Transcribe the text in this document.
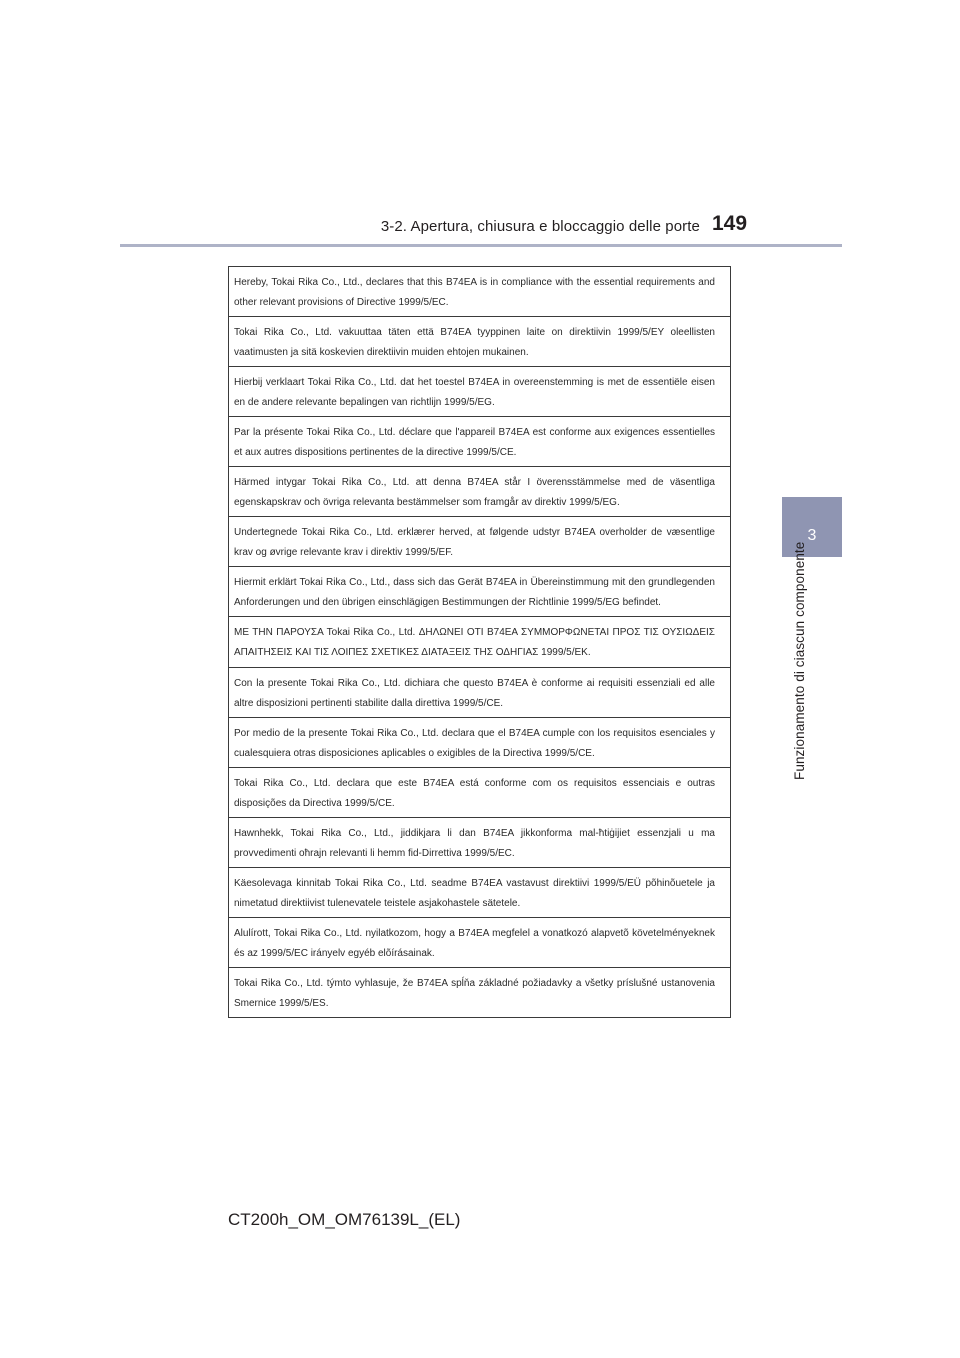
3-2. Apertura, chiusura e bloccaggio delle porte 149
3
Funzionamento di ciascun componente
Hereby, Tokai Rika Co., Ltd., declares that this B74EA is in compliance with the essential requirements and other relevant provisions of Directive 1999/5/EC.
Tokai Rika Co., Ltd. vakuuttaa täten että B74EA tyyppinen laite on direktiivin 1999/5/EY oleellisten vaatimusten ja sitä koskevien direktiivin muiden ehtojen mukainen.
Hierbij verklaart Tokai Rika Co., Ltd. dat het toestel B74EA in overeenstemming is met de essentiële eisen en de andere relevante bepalingen van richtlijn 1999/5/EG.
Par la présente Tokai Rika Co., Ltd. déclare que l'appareil B74EA est conforme aux exigences essentielles et aux autres dispositions pertinentes de la directive 1999/5/CE.
Härmed intygar Tokai Rika Co., Ltd. att denna B74EA står I överensstämmelse med de väsentliga egenskapskrav och övriga relevanta bestämmelser som framgår av direktiv 1999/5/EG.
Undertegnede Tokai Rika Co., Ltd. erklærer herved, at følgende udstyr B74EA overholder de væsentlige krav og øvrige relevante krav i direktiv 1999/5/EF.
Hiermit erklärt Tokai Rika Co., Ltd., dass sich das Gerät B74EA in Übereinstimmung mit den grundlegenden Anforderungen und den übrigen einschlägigen Bestimmungen der Richtlinie 1999/5/EG befindet.
ΜΕ ΤΗΝ ΠΑΡΟΥΣΑ Tokai Rika Co., Ltd. ΔΗΛΩΝΕΙ ΟΤΙ B74EA ΣΥΜΜΟΡΦΩΝΕΤΑΙ ΠΡΟΣ ΤΙΣ ΟΥΣΙΩΔΕΙΣ ΑΠΑΙΤΗΣΕΙΣ ΚΑΙ ΤΙΣ ΛΟΙΠΕΣ ΣΧΕΤΙΚΕΣ ΔΙΑΤΑΞΕΙΣ ΤΗΣ ΟΔΗΓΙΑΣ 1999/5/ΕΚ.
Con la presente Tokai Rika Co., Ltd. dichiara che questo B74EA è conforme ai requisiti essenziali ed alle altre disposizioni pertinenti stabilite dalla direttiva 1999/5/CE.
Por medio de la presente Tokai Rika Co., Ltd. declara que el B74EA cumple con los requisitos esenciales y cualesquiera otras disposiciones aplicables o exigibles de la Directiva 1999/5/CE.
Tokai Rika Co., Ltd. declara que este B74EA está conforme com os requisitos essenciais e outras disposições da Directiva 1999/5/CE.
Hawnhekk, Tokai Rika Co., Ltd., jiddikjara li dan B74EA jikkonforma mal-ħtiġijiet essenzjali u ma provvedimenti oħrajn relevanti li hemm fid-Dirrettiva 1999/5/EC.
Käesolevaga kinnitab Tokai Rika Co., Ltd. seadme B74EA vastavust direktiivi 1999/5/EÜ põhinõuetele ja nimetatud direktiivist tulenevatele teistele asjakohastele sätetele.
Alulírott, Tokai Rika Co., Ltd. nyilatkozom, hogy a B74EA megfelel a vonatkozó alapvetõ követelményeknek és az 1999/5/EC irányelv egyéb elõírásainak.
Tokai Rika Co., Ltd. týmto vyhlasuje, že B74EA spĺňa základné požiadavky a všetky príslušné ustanovenia Smernice 1999/5/ES.
CT200h_OM_OM76139L_(EL)
